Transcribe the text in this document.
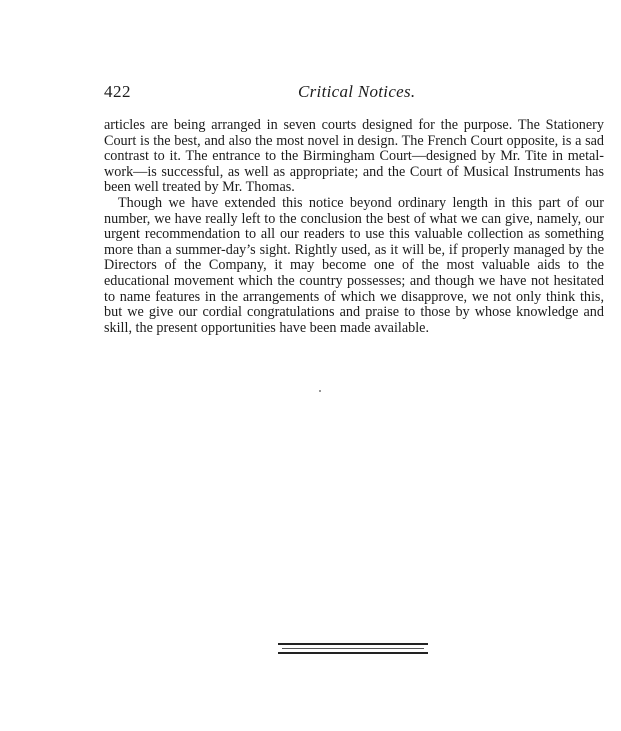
422	Critical Notices.

articles are being arranged in seven courts designed for the purpose. The Stationery Court is the best, and also the most novel in design. The French Court opposite, is a sad contrast to it. The entrance to the Birmingham Court—designed by Mr. Tite in metal-work—is successful, as well as appropriate; and the Court of Musical Instruments has been well treated by Mr. Thomas.

Though we have extended this notice beyond ordinary length in this part of our number, we have really left to the conclusion the best of what we can give, namely, our urgent recommendation to all our readers to use this valuable collection as something more than a summer-day’s sight. Rightly used, as it will be, if properly managed by the Directors of the Company, it may become one of the most valuable aids to the educational movement which the country possesses; and though we have not hesitated to name features in the arrangements of which we disapprove, we not only think this, but we give our cordial congratulations and praise to those by whose knowledge and skill, the present opportunities have been made available.
